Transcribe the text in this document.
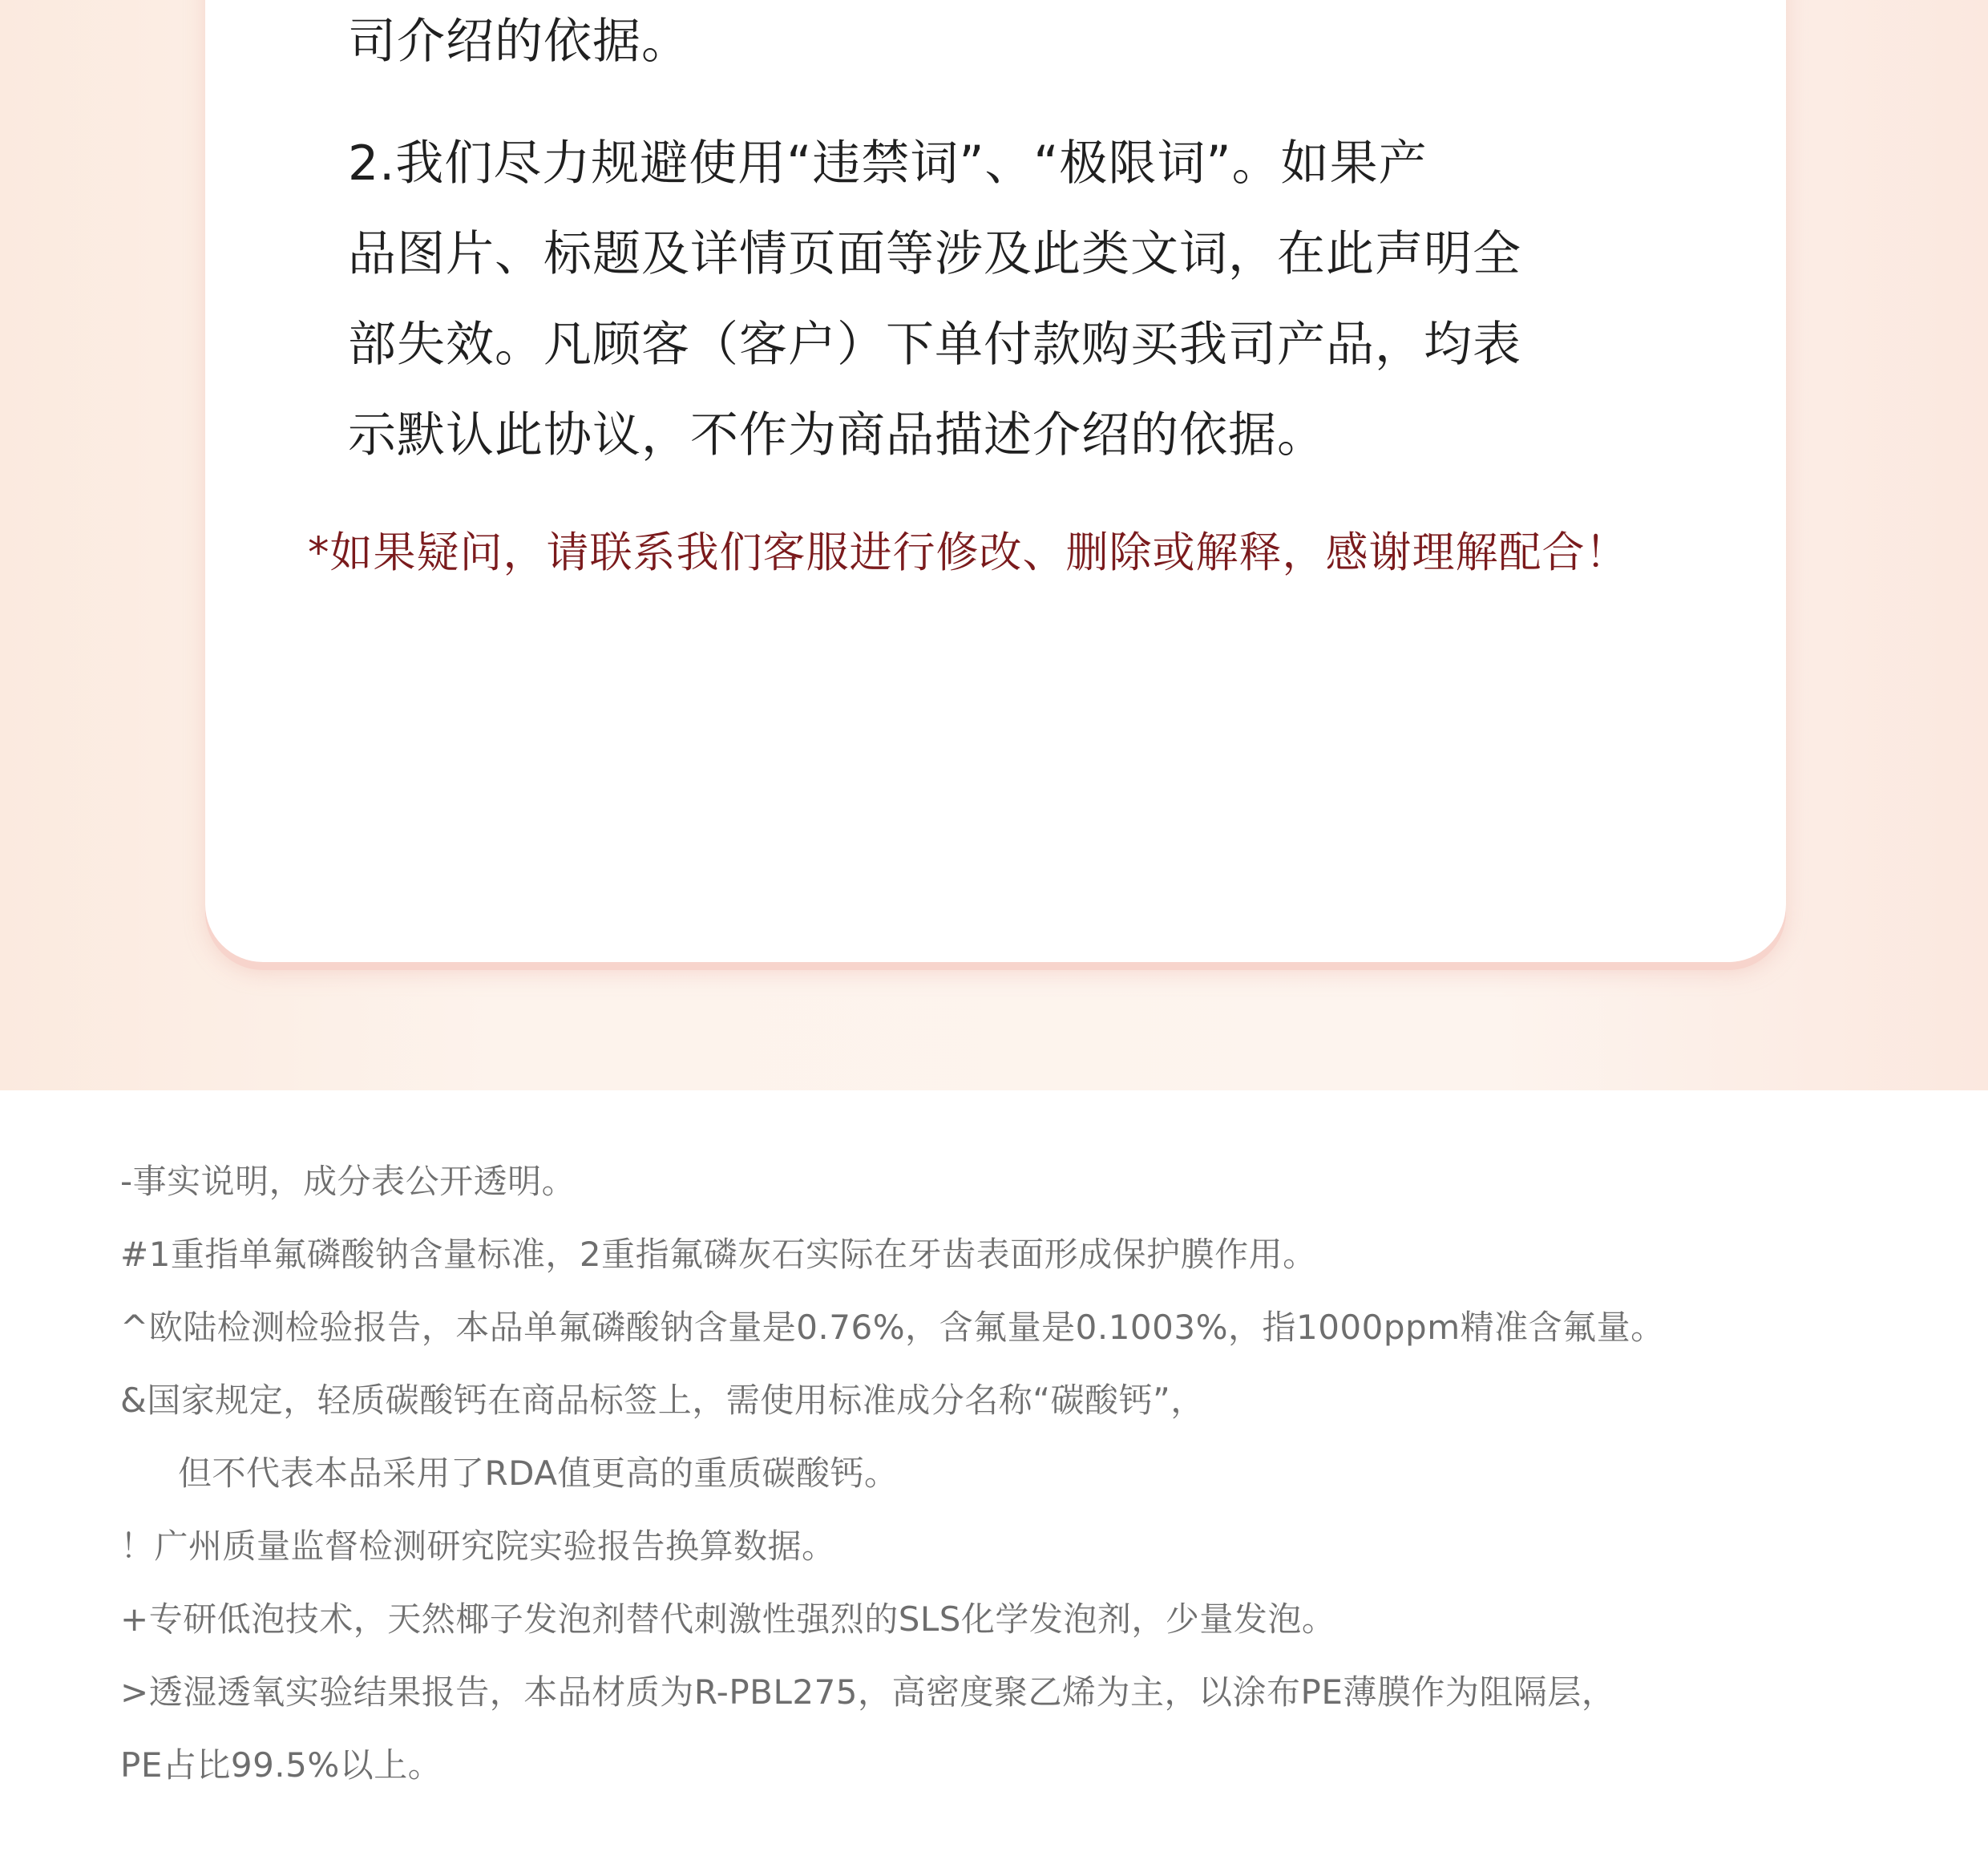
司介绍的依据。

2.我们尽力规避使用“违禁词”、“极限词”。如果产
品图片、标题及详情页面等涉及此类文词，在此声明全
部失效。凡顾客（客户）下单付款购买我司产品，均表
示默认此协议，不作为商品描述介绍的依据。

*如果疑问，请联系我们客服进行修改、删除或解释，感谢理解配合！
-事实说明，成分表公开透明。
#1重指单氟磷酸钠含量标准，2重指氟磷灰石实际在牙齿表面形成保护膜作用。
^欧陆检测检验报告，本品单氟磷酸钠含量是0.76%，含氟量是0.1003%，指1000ppm精准含氟量。
&国家规定，轻质碳酸钙在商品标签上，需使用标准成分名称“碳酸钙”，
但不代表本品采用了RDA值更高的重质碳酸钙。
！广州质量监督检测研究院实验报告换算数据。
+专研低泡技术，天然椰子发泡剂替代刺激性强烈的SLS化学发泡剂，少量发泡。
>透湿透氧实验结果报告，本品材质为R-PBL275，高密度聚乙烯为主，以涂布PE薄膜作为阻隔层，
PE占比99.5%以上。
